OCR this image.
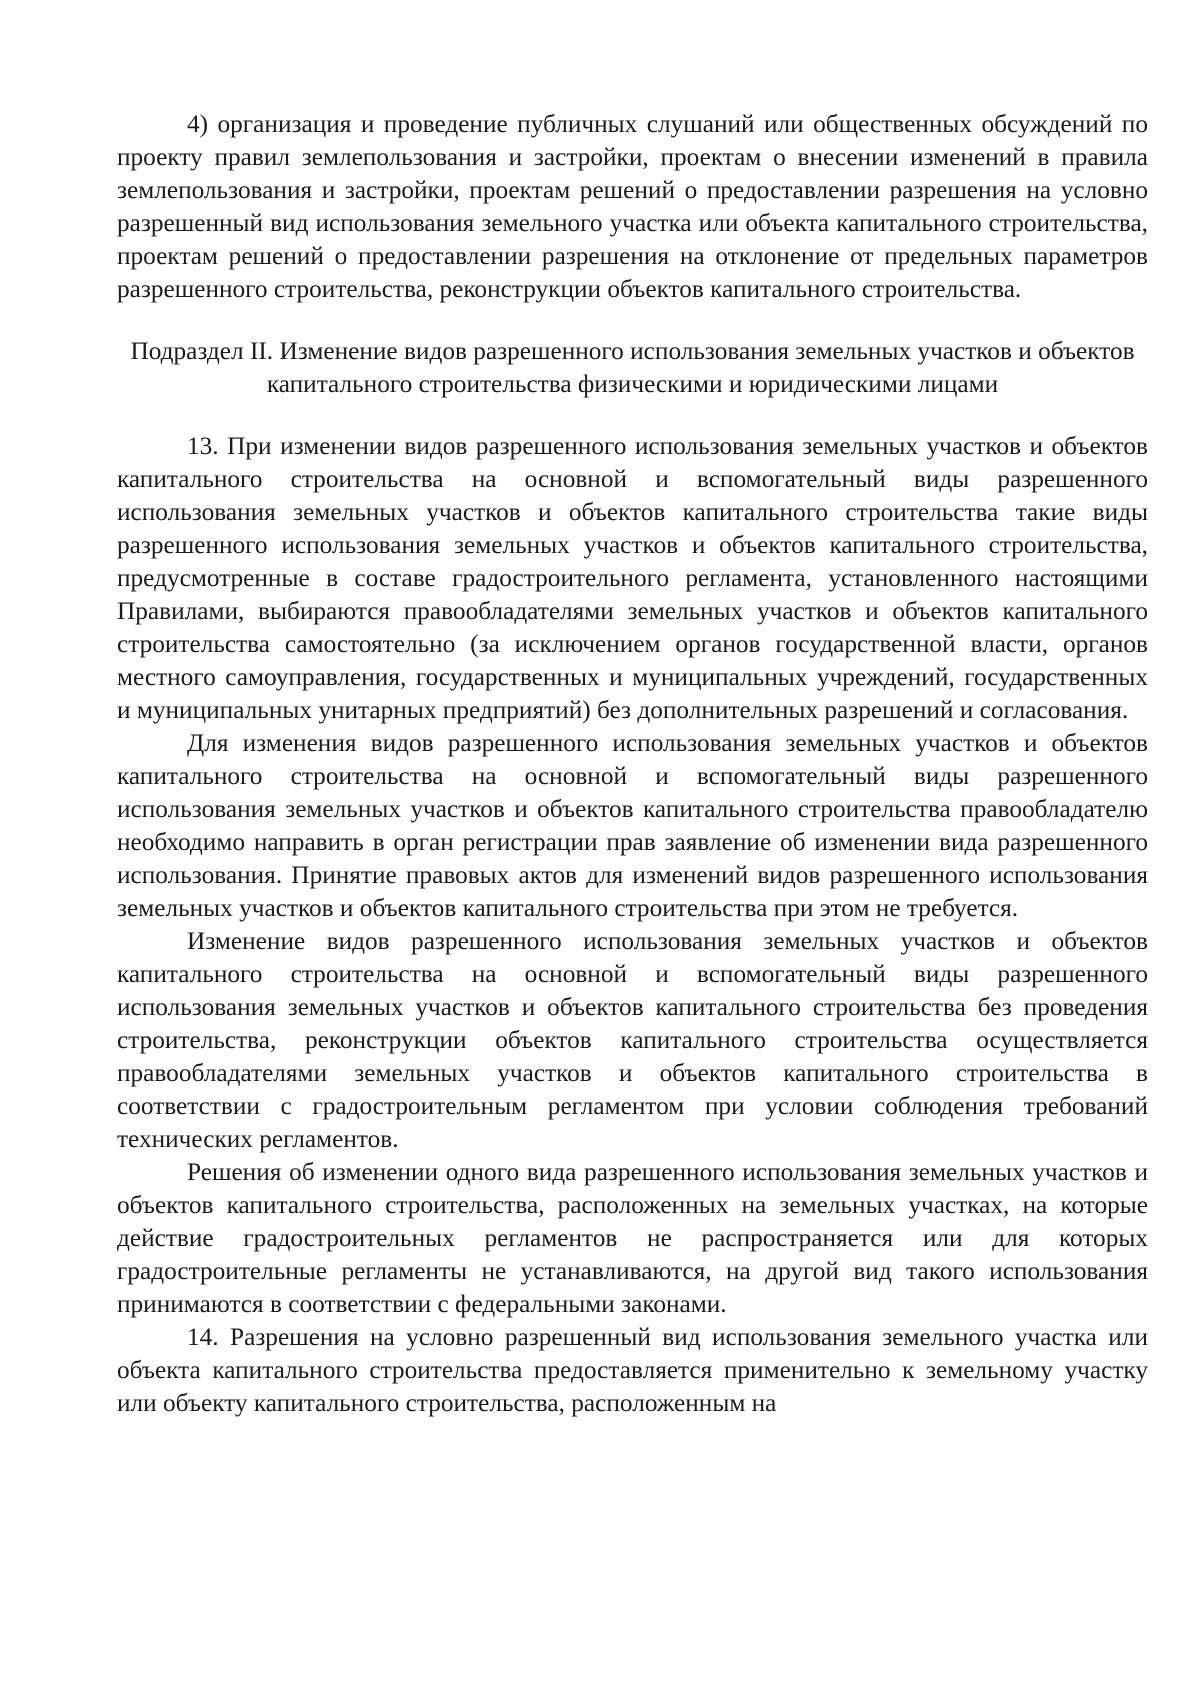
4) организация и проведение публичных слушаний или общественных обсуждений по проекту правил землепользования и застройки, проектам о внесении изменений в правила землепользования и застройки, проектам решений о предоставлении разрешения на условно разрешенный вид использования земельного участка или объекта капитального строительства, проектам решений о предоставлении разрешения на отклонение от предельных параметров разрешенного строительства, реконструкции объектов капитального строительства.

Подраздел II. Изменение видов разрешенного использования земельных участков и объектов капитального строительства физическими и юридическими лицами

13. При изменении видов разрешенного использования земельных участков и объектов капитального строительства на основной и вспомогательный виды разрешенного использования земельных участков и объектов капитального строительства такие виды разрешенного использования земельных участков и объектов капитального строительства, предусмотренные в составе градостроительного регламента, установленного настоящими Правилами, выбираются правообладателями земельных участков и объектов капитального строительства самостоятельно (за исключением органов государственной власти, органов местного самоуправления, государственных и муниципальных учреждений, государственных и муниципальных унитарных предприятий) без дополнительных разрешений и согласования.

Для изменения видов разрешенного использования земельных участков и объектов капитального строительства на основной и вспомогательный виды разрешенного использования земельных участков и объектов капитального строительства правообладателю необходимо направить в орган регистрации прав заявление об изменении вида разрешенного использования. Принятие правовых актов для изменений видов разрешенного использования земельных участков и объектов капитального строительства при этом не требуется.

Изменение видов разрешенного использования земельных участков и объектов капитального строительства на основной и вспомогательный виды разрешенного использования земельных участков и объектов капитального строительства без проведения строительства, реконструкции объектов капитального строительства осуществляется правообладателями земельных участков и объектов капитального строительства в соответствии с градостроительным регламентом при условии соблюдения требований технических регламентов.

Решения об изменении одного вида разрешенного использования земельных участков и объектов капитального строительства, расположенных на земельных участках, на которые действие градостроительных регламентов не распространяется или для которых градостроительные регламенты не устанавливаются, на другой вид такого использования принимаются в соответствии с федеральными законами.

14. Разрешения на условно разрешенный вид использования земельного участка или объекта капитального строительства предоставляется применительно к земельному участку или объекту капитального строительства, расположенным на
